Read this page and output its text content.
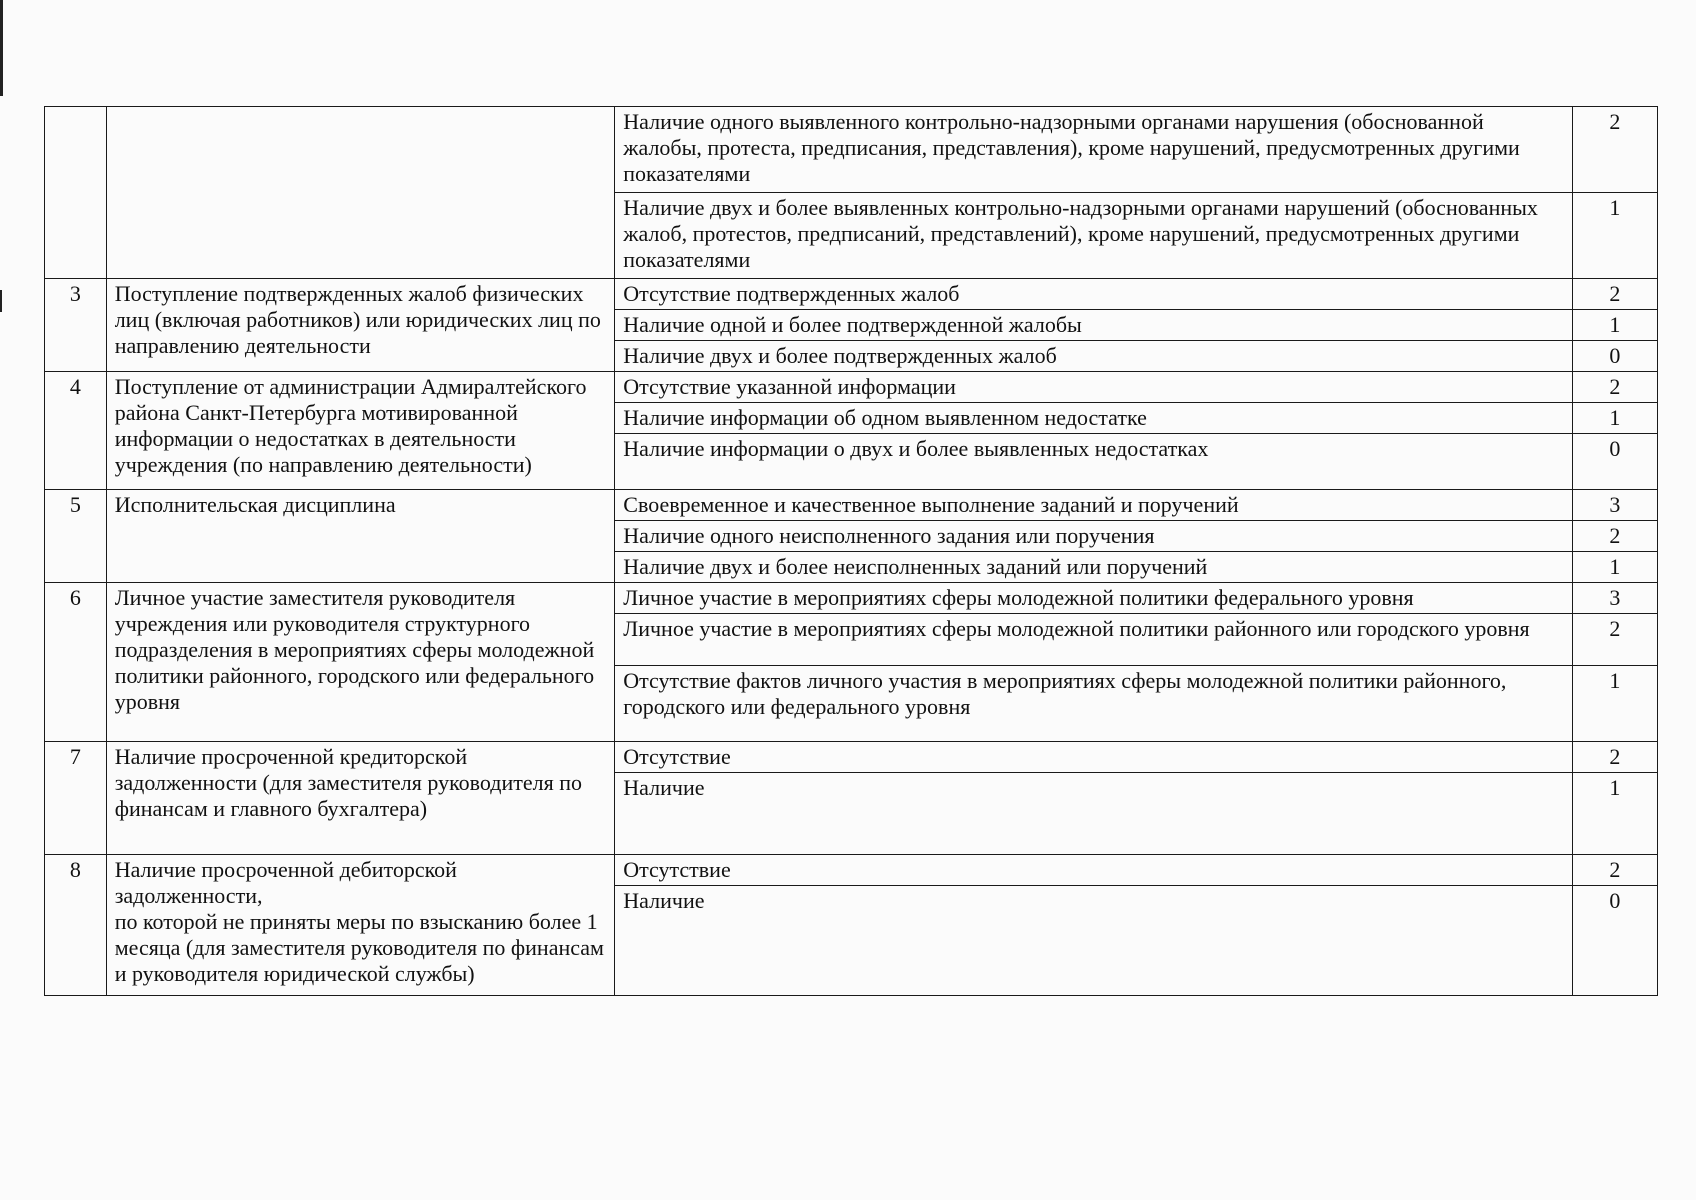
		Наличие одного выявленного контрольно-надзорными органами нарушения (обоснованной жалобы, протеста, предписания, представления), кроме нарушений, предусмотренных другими показателями	2
		Наличие двух и более выявленных контрольно-надзорными органами нарушений (обоснованных жалоб, протестов, предписаний, представлений), кроме нарушений, предусмотренных другими показателями	1
3	Поступление подтвержденных жалоб физических лиц (включая работников) или юридических лиц по направлению деятельности	Отсутствие подтвержденных жалоб	2
		Наличие одной и более подтвержденной жалобы	1
		Наличие двух и более подтвержденных жалоб	0
4	Поступление от администрации Адмиралтейского района Санкт-Петербурга мотивированной информации о недостатках в деятельности учреждения (по направлению деятельности)	Отсутствие указанной информации	2
		Наличие информации об одном выявленном недостатке	1
		Наличие информации о двух и более выявленных недостатках	0
5	Исполнительская дисциплина	Своевременное и качественное выполнение заданий и поручений	3
		Наличие одного неисполненного задания или поручения	2
		Наличие двух и более неисполненных заданий или поручений	1
6	Личное участие заместителя руководителя учреждения или руководителя структурного подразделения в мероприятиях сферы молодежной политики районного, городского или федерального уровня	Личное участие в мероприятиях сферы молодежной политики федерального уровня	3
		Личное участие в мероприятиях сферы молодежной политики районного или городского уровня	2
		Отсутствие фактов личного участия в мероприятиях сферы молодежной политики районного, городского или федерального уровня	1
7	Наличие просроченной кредиторской задолженности (для заместителя руководителя по финансам и главного бухгалтера)	Отсутствие	2
		Наличие	1
8	Наличие просроченной дебиторской задолженности,
по которой не приняты меры по взысканию более 1 месяца (для заместителя руководителя по финансам и руководителя юридической службы)	Отсутствие	2
		Наличие	0
